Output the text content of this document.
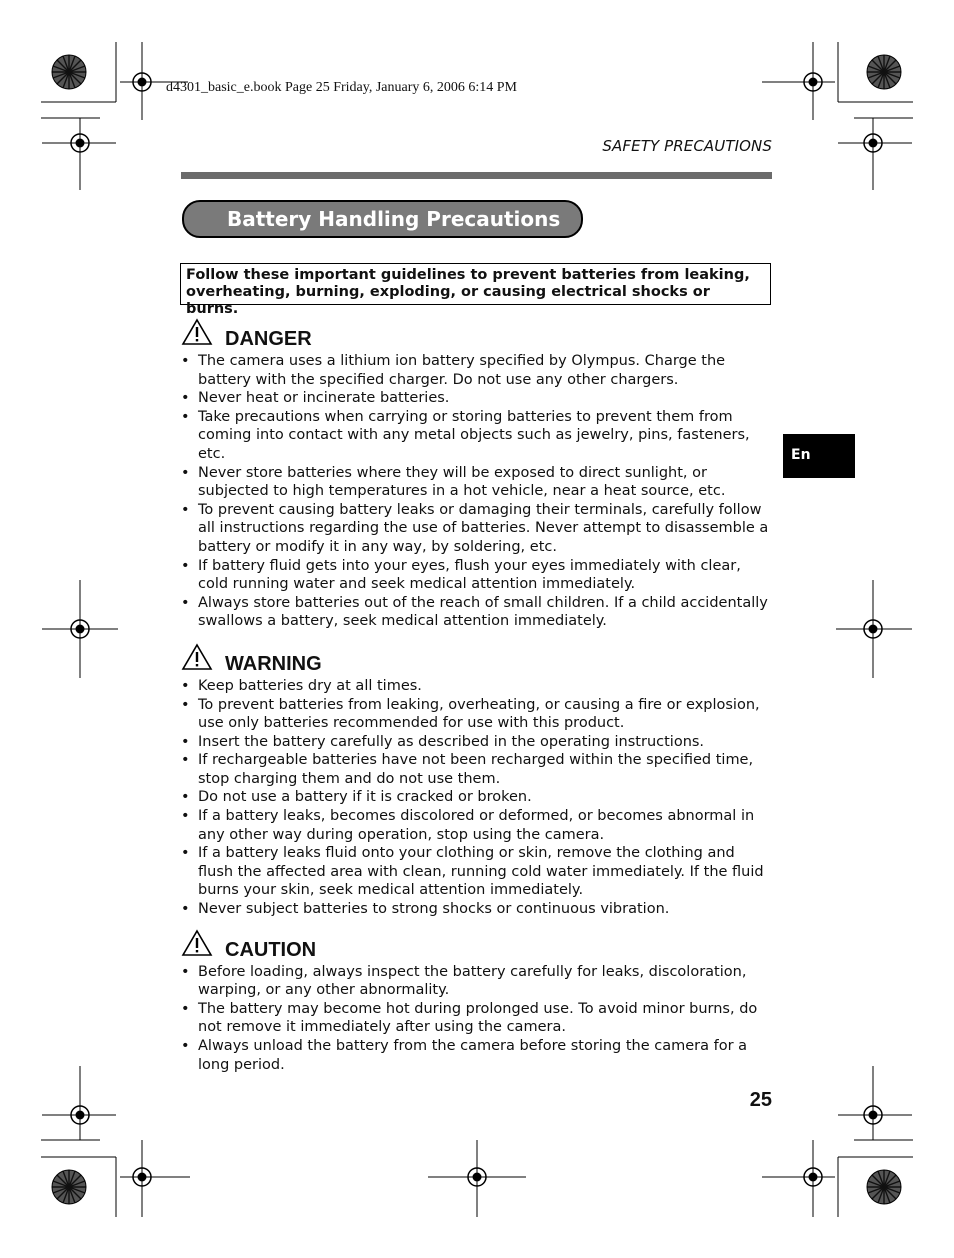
d4301_basic_e.book Page 25 Friday, January 6, 2006 6:14 PM
SAFETY PRECAUTIONS
Battery Handling Precautions
Follow these important guidelines to prevent batteries from leaking, overheating, burning, exploding, or causing electrical shocks or burns.
DANGER
• The camera uses a lithium ion battery specified by Olympus. Charge the battery with the specified charger. Do not use any other chargers.
• Never heat or incinerate batteries.
• Take precautions when carrying or storing batteries to prevent them from coming into contact with any metal objects such as jewelry, pins, fasteners, etc.
• Never store batteries where they will be exposed to direct sunlight, or subjected to high temperatures in a hot vehicle, near a heat source, etc.
• To prevent causing battery leaks or damaging their terminals, carefully follow all instructions regarding the use of batteries. Never attempt to disassemble a battery or modify it in any way, by soldering, etc.
• If battery fluid gets into your eyes, flush your eyes immediately with clear, cold running water and seek medical attention immediately.
• Always store batteries out of the reach of small children. If a child accidentally swallows a battery, seek medical attention immediately.
WARNING
• Keep batteries dry at all times.
• To prevent batteries from leaking, overheating, or causing a fire or explosion, use only batteries recommended for use with this product.
• Insert the battery carefully as described in the operating instructions.
• If rechargeable batteries have not been recharged within the specified time, stop charging them and do not use them.
• Do not use a battery if it is cracked or broken.
• If a battery leaks, becomes discolored or deformed, or becomes abnormal in any other way during operation, stop using the camera.
• If a battery leaks fluid onto your clothing or skin, remove the clothing and flush the affected area with clean, running cold water immediately. If the fluid burns your skin, seek medical attention immediately.
• Never subject batteries to strong shocks or continuous vibration.
CAUTION
• Before loading, always inspect the battery carefully for leaks, discoloration, warping, or any other abnormality.
• The battery may become hot during prolonged use. To avoid minor burns, do not remove it immediately after using the camera.
• Always unload the battery from the camera before storing the camera for a long period.
En
25
